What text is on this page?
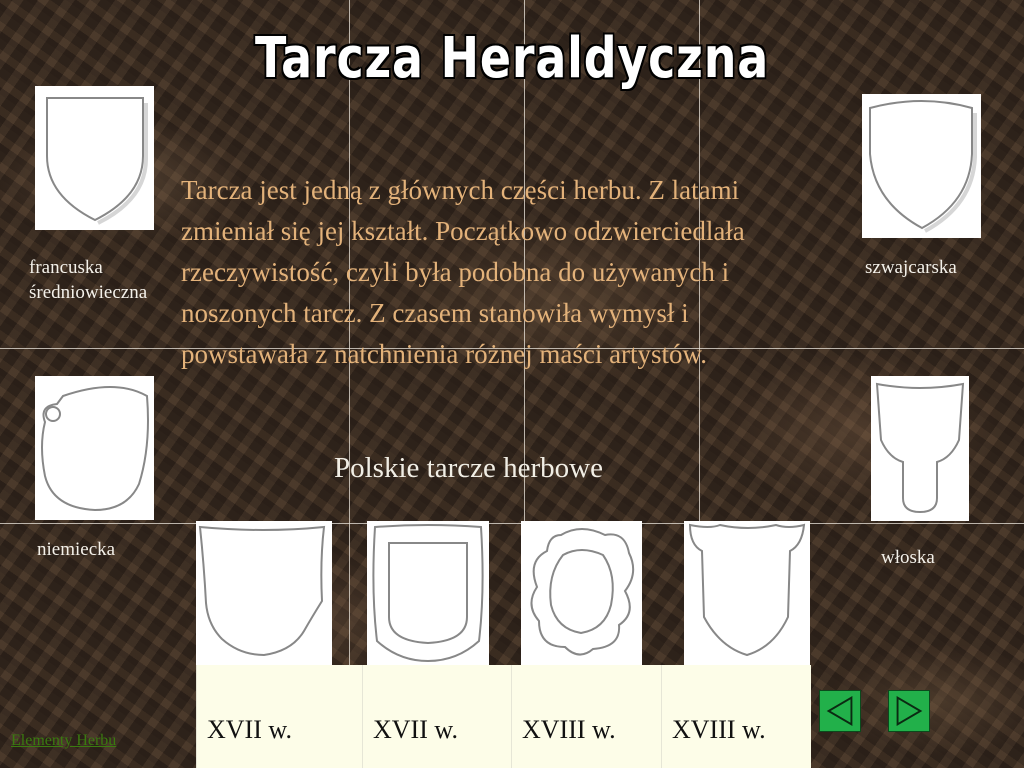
Tarcza Heraldyczna
Tarcza jest jedną z głównych części herbu. Z latami zmieniał się jej kształt. Początkowo odzwierciedlała rzeczywistość, czyli była podobna do używanych i noszonych tarcz. Z czasem stanowiła wymysł i powstawała z natchnienia różnej maści artystów.
Polskie tarcze herbowe
francuska
średniowieczna
szwajcarska
niemiecka	włoska
XVII w.	XVII w. XVIII w. XVIII w.
Elementy Herbu
